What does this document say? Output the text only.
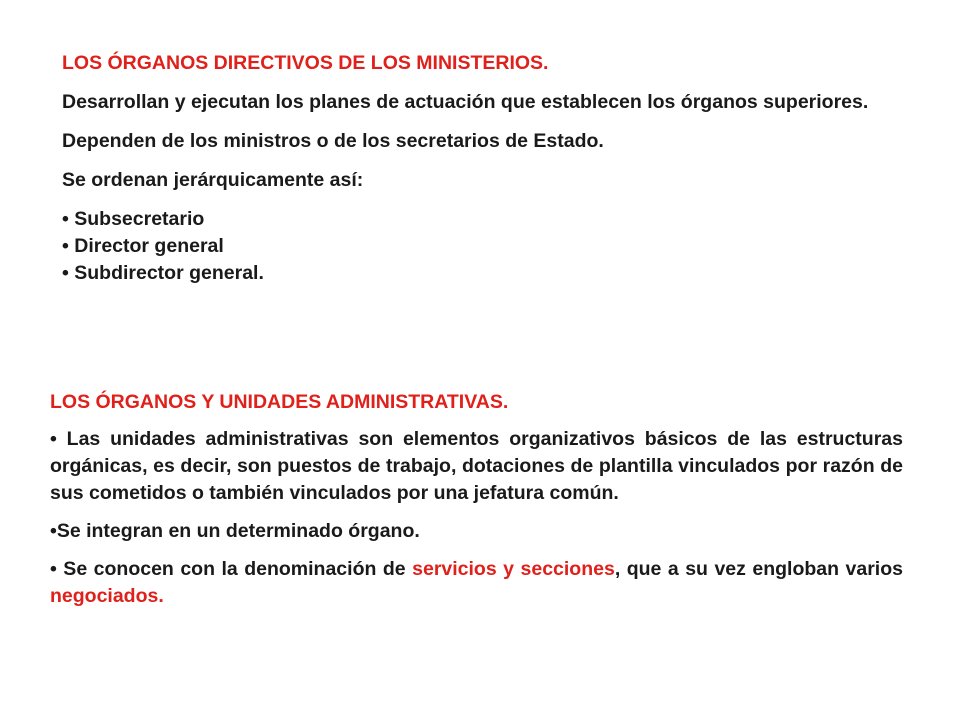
LOS ÓRGANOS DIRECTIVOS DE LOS MINISTERIOS.

Desarrollan y ejecutan los planes de actuación que establecen los órganos superiores.

Dependen de los ministros o de los secretarios de Estado.

Se ordenan jerárquicamente así:

• Subsecretario

• Director general

• Subdirector general.

LOS ÓRGANOS Y UNIDADES ADMINISTRATIVAS.

• Las unidades administrativas son elementos organizativos básicos de las estructuras orgánicas, es decir, son puestos de trabajo, dotaciones de plantilla vinculados por razón de sus cometidos o también vinculados por una jefatura común.

•Se integran en un determinado órgano.

• Se conocen con la denominación de servicios y secciones, que a su vez engloban varios negociados.
